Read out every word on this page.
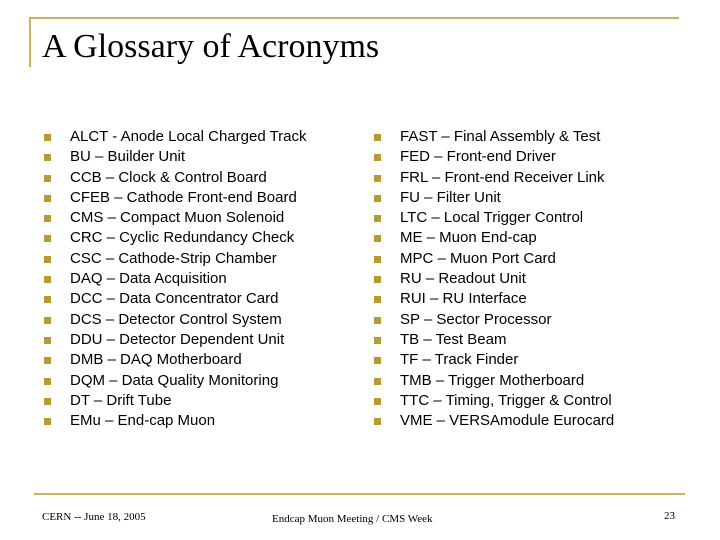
A Glossary of Acronyms
ALCT - Anode Local Charged Track
BU – Builder Unit
CCB – Clock & Control Board
CFEB – Cathode Front-end Board
CMS – Compact Muon Solenoid
CRC – Cyclic Redundancy Check
CSC – Cathode-Strip Chamber
DAQ – Data Acquisition
DCC – Data Concentrator Card
DCS – Detector Control System
DDU – Detector Dependent Unit
DMB – DAQ Motherboard
DQM – Data Quality Monitoring
DT – Drift Tube
EMu – End-cap Muon
FAST – Final Assembly & Test
FED – Front-end Driver
FRL – Front-end Receiver Link
FU – Filter Unit
LTC – Local Trigger Control
ME – Muon End-cap
MPC – Muon Port Card
RU – Readout Unit
RUI – RU Interface
SP – Sector Processor
TB – Test Beam
TF – Track Finder
TMB – Trigger Motherboard
TTC – Timing, Trigger & Control
VME – VERSAmodule Eurocard
CERN -- June 18, 2005	Endcap Muon Meeting / CMS Week	23
